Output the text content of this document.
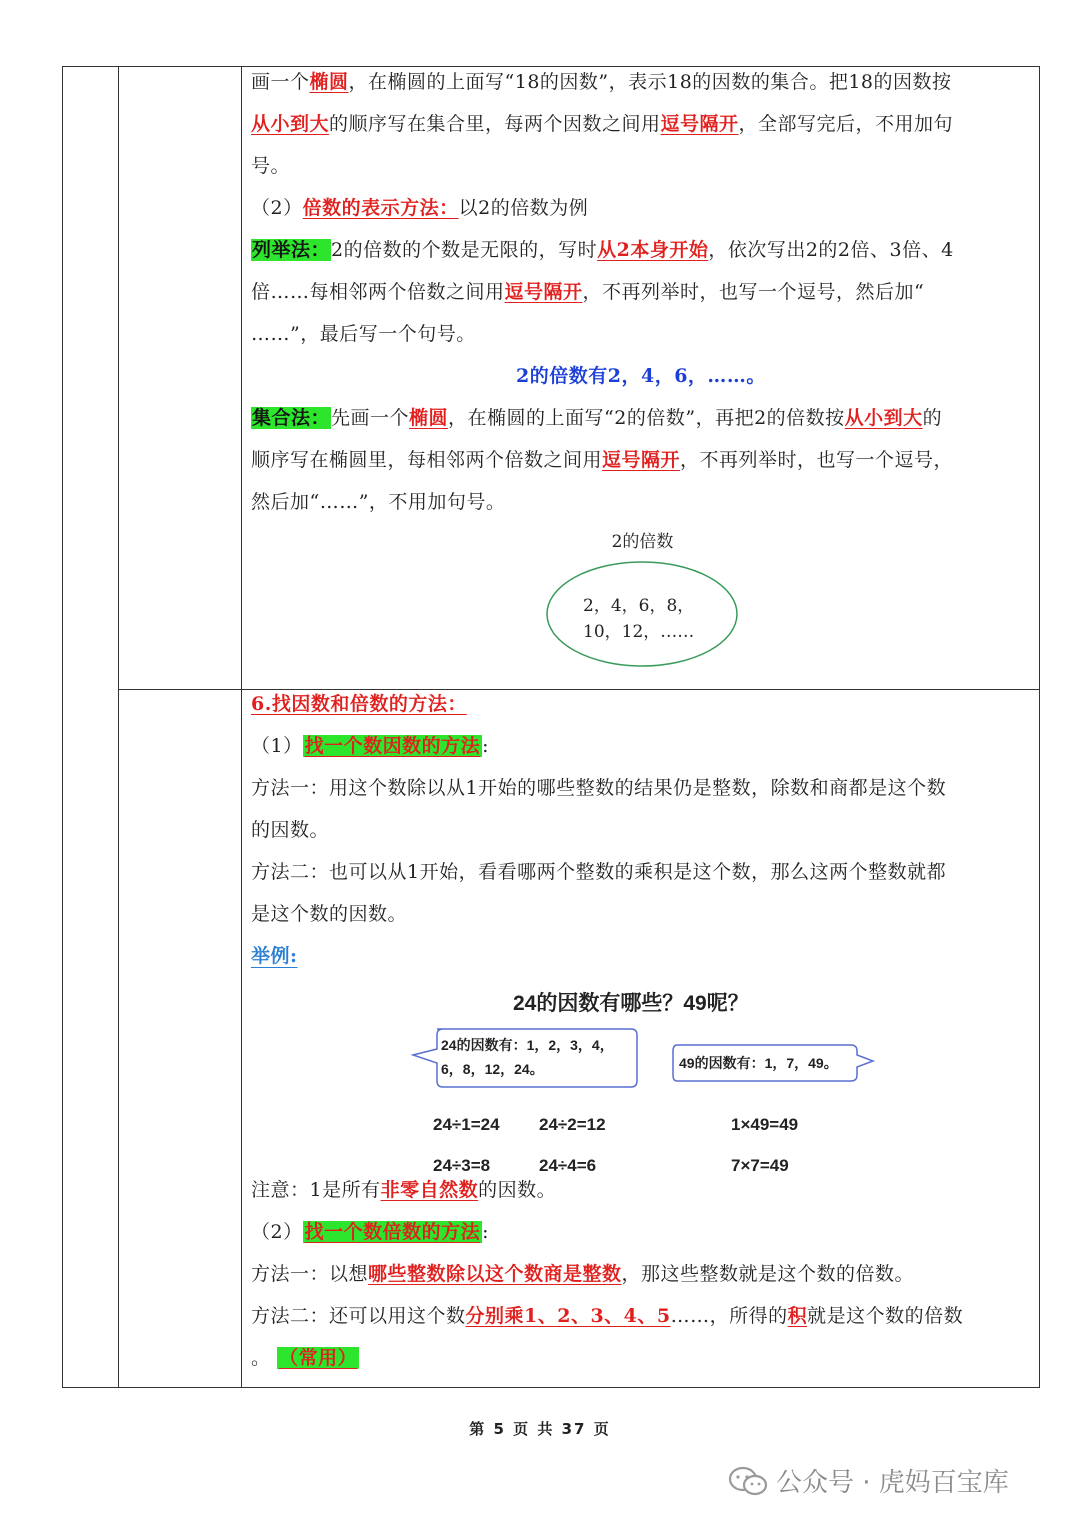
画一个椭圆，在椭圆的上面写“18的因数”，表示18的因数的集合。把18的因数按

从小到大的顺序写在集合里，每两个因数之间用逗号隔开，全部写完后，不用加句

号。

（2）倍数的表示方法：以2的倍数为例

列举法：2的倍数的个数是无限的，写时从2本身开始，依次写出2的2倍、3倍、4

倍……每相邻两个倍数之间用逗号隔开，不再列举时，也写一个逗号，然后加“

……”，最后写一个句号。

2的倍数有2，4，6，……。

集合法：先画一个椭圆，在椭圆的上面写“2的倍数”，再把2的倍数按从小到大的

顺序写在椭圆里，每相邻两个倍数之间用逗号隔开，不再列举时，也写一个逗号，

然后加“……”，不用加句号。

2的倍数
2，4，6，8，
10，12，……

6.找因数和倍数的方法：

（1） 找一个数因数的方法 :

方法一：用这个数除以从1开始的哪些整数的结果仍是整数，除数和商都是这个数

的因数。

方法二：也可以从1开始，看看哪两个整数的乘积是这个数，那么这两个整数就都

是这个数的因数。

举例:

24的因数有哪些？49呢？
24的因数有：1，2，3，4，
6，8，12，24。	49的因数有：1，7，49。
24÷1=24 24÷2=12
24÷3=8	24÷4=6
1×49=49
7×7=49

注意：1是所有非零自然数的因数。

（2） 找一个数倍数的方法 :

方法一：以想哪些整数除以这个数商是整数，那这些整数就是这个数的倍数。

方法二：还可以用这个数分别乘1、2、3、4、5……，所得的积就是这个数的倍数

。 （常用）

第 5 页 共 37 页
公众号 · 虎妈百宝库
